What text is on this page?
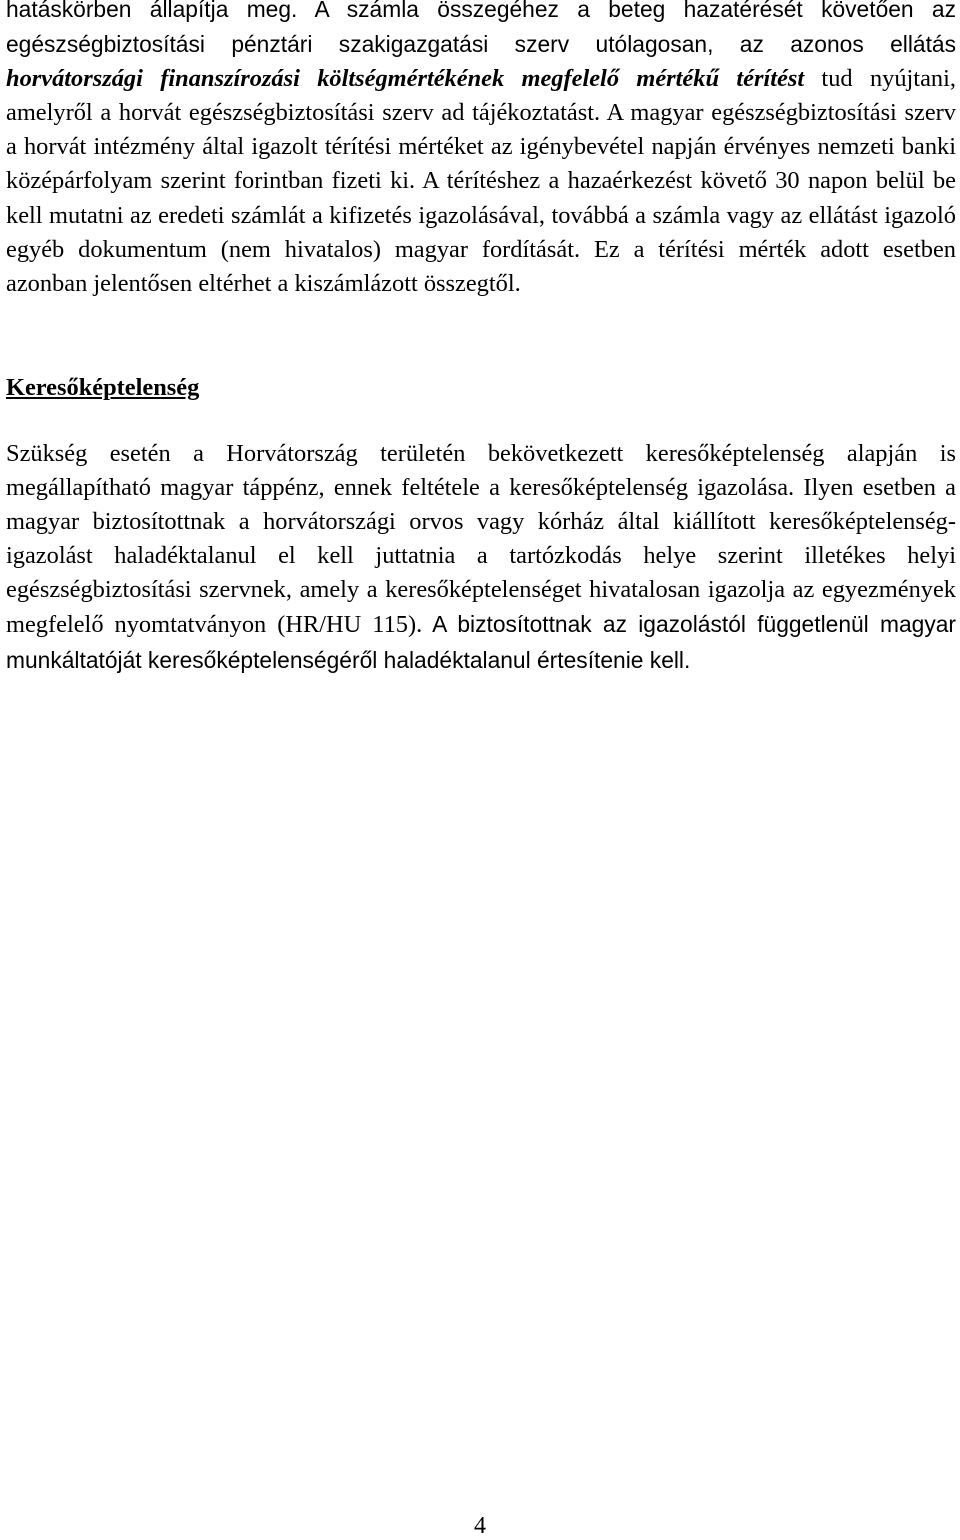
hatáskörben állapítja meg. A számla összegéhez a beteg hazatérését követően az egészségbiztosítási pénztári szakigazgatási szerv utólagosan, az azonos ellátás horvátországi finanszírozási költségmértékének megfelelő mértékű térítést tud nyújtani, amelyről a horvát egészségbiztosítási szerv ad tájékoztatást. A magyar egészségbiztosítási szerv a horvát intézmény által igazolt térítési mértéket az igénybevétel napján érvényes nemzeti banki középárfolyam szerint forintban fizeti ki. A térítéshez a hazaérkezést követő 30 napon belül be kell mutatni az eredeti számlát a kifizetés igazolásával, továbbá a számla vagy az ellátást igazoló egyéb dokumentum (nem hivatalos) magyar fordítását. Ez a térítési mérték adott esetben azonban jelentősen eltérhet a kiszámlázott összegtől.

Keresőképtelenség

Szükség esetén a Horvátország területén bekövetkezett keresőképtelenség alapján is megállapítható magyar táppénz, ennek feltétele a keresőképtelenség igazolása. Ilyen esetben a magyar biztosítottnak a horvátországi orvos vagy kórház által kiállított keresőképtelenség-igazolást haladéktalanul el kell juttatnia a tartózkodás helye szerint illetékes helyi egészségbiztosítási szervnek, amely a keresőképtelenséget hivatalosan igazolja az egyezmények megfelelő nyomtatványon (HR/HU 115). A biztosítottnak az igazolástól függetlenül magyar munkáltatóját keresőképtelenségéről haladéktalanul értesítenie kell.

4
